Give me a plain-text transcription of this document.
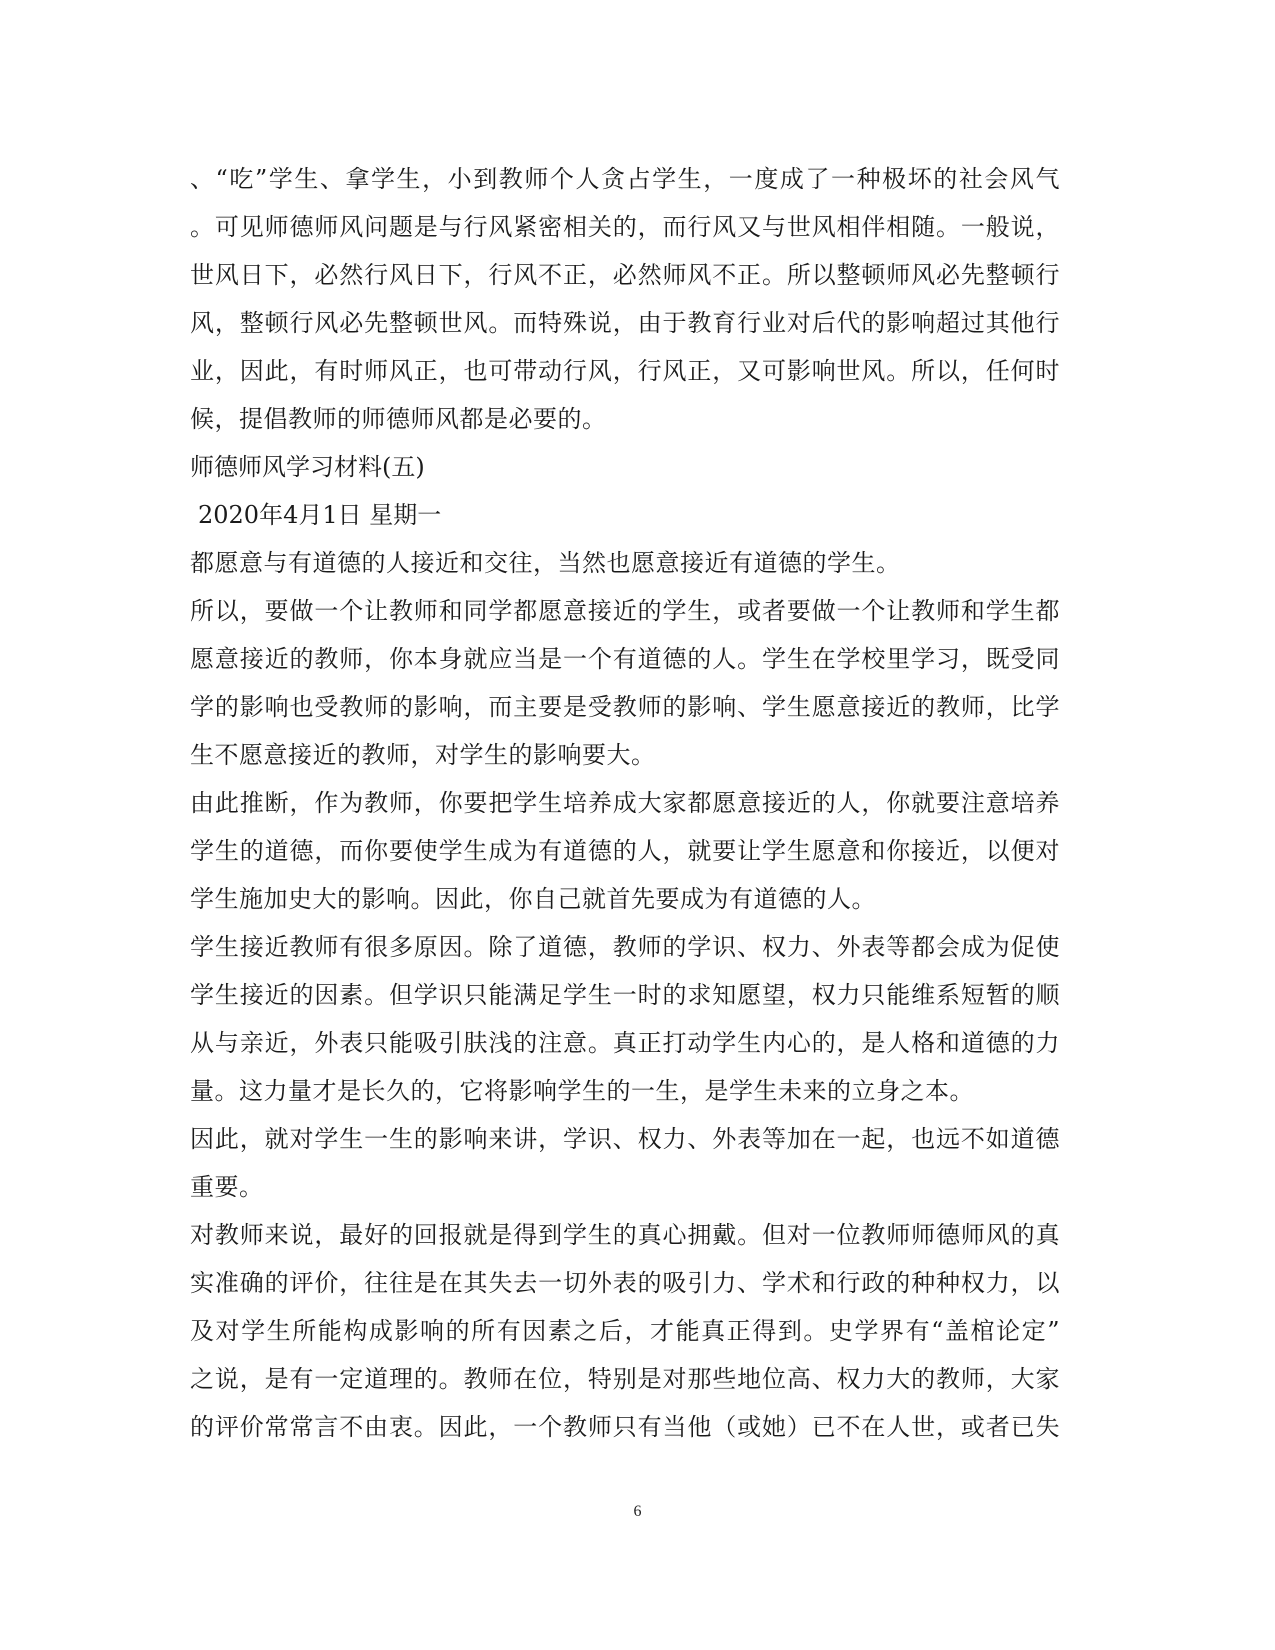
、“吃”学生、拿学生，小到教师个人贪占学生，一度成了一种极坏的社会风气
。可见师德师风问题是与行风紧密相关的，而行风又与世风相伴相随。一般说，
世风日下，必然行风日下，行风不正，必然师风不正。所以整顿师风必先整顿行
风，整顿行风必先整顿世风。而特殊说，由于教育行业对后代的影响超过其他行
业，因此，有时师风正，也可带动行风，行风正，又可影响世风。所以，任何时
候，提倡教师的师德师风都是必要的。
师德师风学习材料(五)
2020年4月1日 星期一
都愿意与有道德的人接近和交往，当然也愿意接近有道德的学生。
所以，要做一个让教师和同学都愿意接近的学生，或者要做一个让教师和学生都
愿意接近的教师，你本身就应当是一个有道德的人。学生在学校里学习，既受同
学的影响也受教师的影响，而主要是受教师的影响、学生愿意接近的教师，比学
生不愿意接近的教师，对学生的影响要大。
由此推断，作为教师，你要把学生培养成大家都愿意接近的人，你就要注意培养
学生的道德，而你要使学生成为有道德的人，就要让学生愿意和你接近，以便对
学生施加史大的影响。因此，你自己就首先要成为有道德的人。
学生接近教师有很多原因。除了道德，教师的学识、权力、外表等都会成为促使
学生接近的因素。但学识只能满足学生一时的求知愿望，权力只能维系短暂的顺
从与亲近，外表只能吸引肤浅的注意。真正打动学生内心的，是人格和道德的力
量。这力量才是长久的，它将影响学生的一生，是学生未来的立身之本。
因此，就对学生一生的影响来讲，学识、权力、外表等加在一起，也远不如道德
重要。
对教师来说，最好的回报就是得到学生的真心拥戴。但对一位教师师德师风的真
实准确的评价，往往是在其失去一切外表的吸引力、学术和行政的种种权力，以
及对学生所能构成影响的所有因素之后，才能真正得到。史学界有“盖棺论定”
之说，是有一定道理的。教师在位，特别是对那些地位高、权力大的教师，大家
的评价常常言不由衷。因此，一个教师只有当他（或她）已不在人世，或者已失
6
